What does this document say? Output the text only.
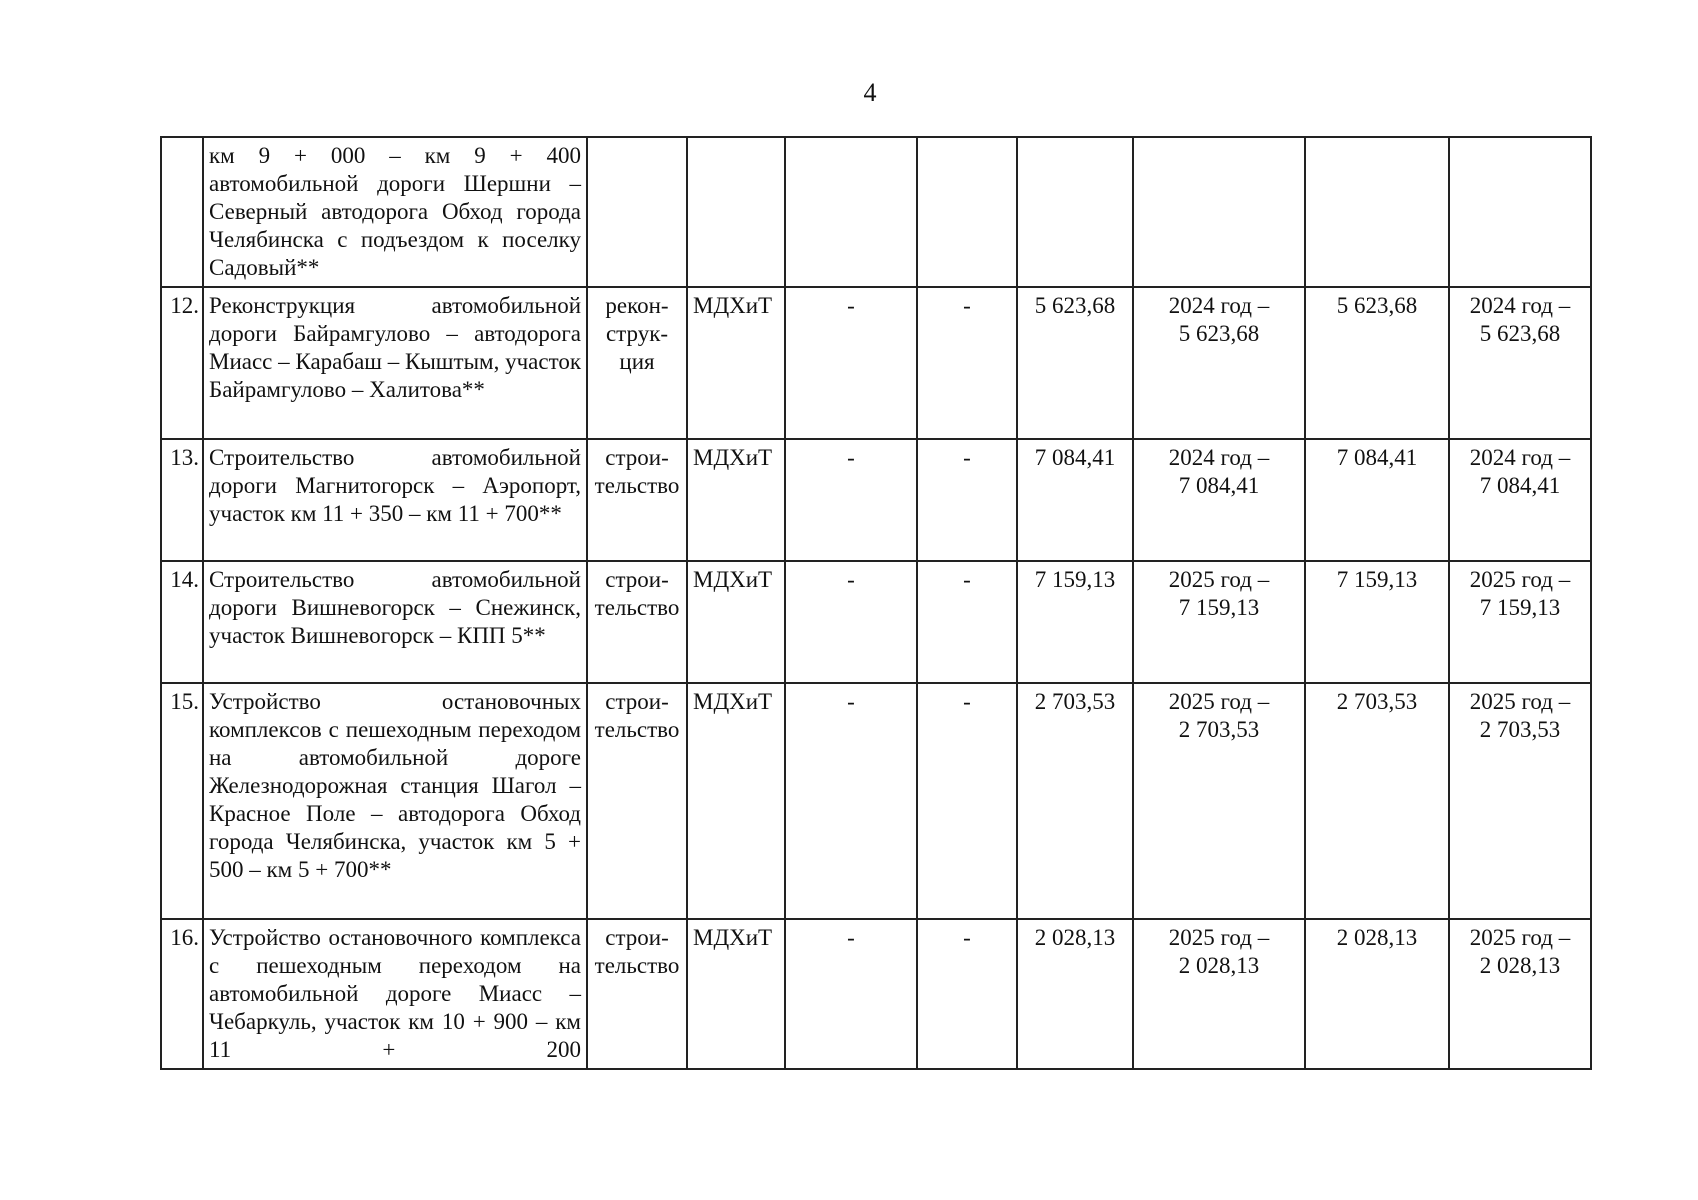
4
	км 9 + 000 – км 9 + 400 автомобильной дороги Шершни – Северный автодорога Обход города Челябинска с подъездом к поселку Садовый**								
12.	Реконструкция автомобильной дороги Байрамгулово – автодорога Миасс – Карабаш – Кыштым, участок Байрамгулово – Халитова**	рекон-
струк-
ция	МДХиТ	-	-	5 623,68	2024 год –
5 623,68	5 623,68	2024 год –
5 623,68

13.	Строительство автомобильной дороги Магнитогорск – Аэропорт, участок км 11 + 350 – км 11 + 700**	строи-
тельство	МДХиТ	-	-	7 084,41	2024 год –
7 084,41	7 084,41	2024 год –
7 084,41

14.	Строительство автомобильной дороги Вишневогорск – Снежинск, участок Вишневогорск – КПП 5**	строи-
тельство	МДХиТ	-	-	7 159,13	2025 год –
7 159,13	7 159,13	2025 год –
7 159,13

15.	Устройство остановочных комплексов с пешеходным переходом на автомобильной дороге Железнодорожная станция Шагол – Красное Поле – автодорога Обход города Челябинска, участок км 5 + 500 – км 5 + 700**	строи-
тельство	МДХиТ	-	-	2 703,53	2025 год –
2 703,53	2 703,53	2025 год –
2 703,53

16.	Устройство остановочного комплекса с пешеходным переходом на автомобильной дороге Миасс – Чебаркуль, участок км 10 + 900 – км 11 + 200	строи-
тельство	МДХиТ	-	-	2 028,13	2025 год –
2 028,13	2 028,13	2025 год –
2 028,13
